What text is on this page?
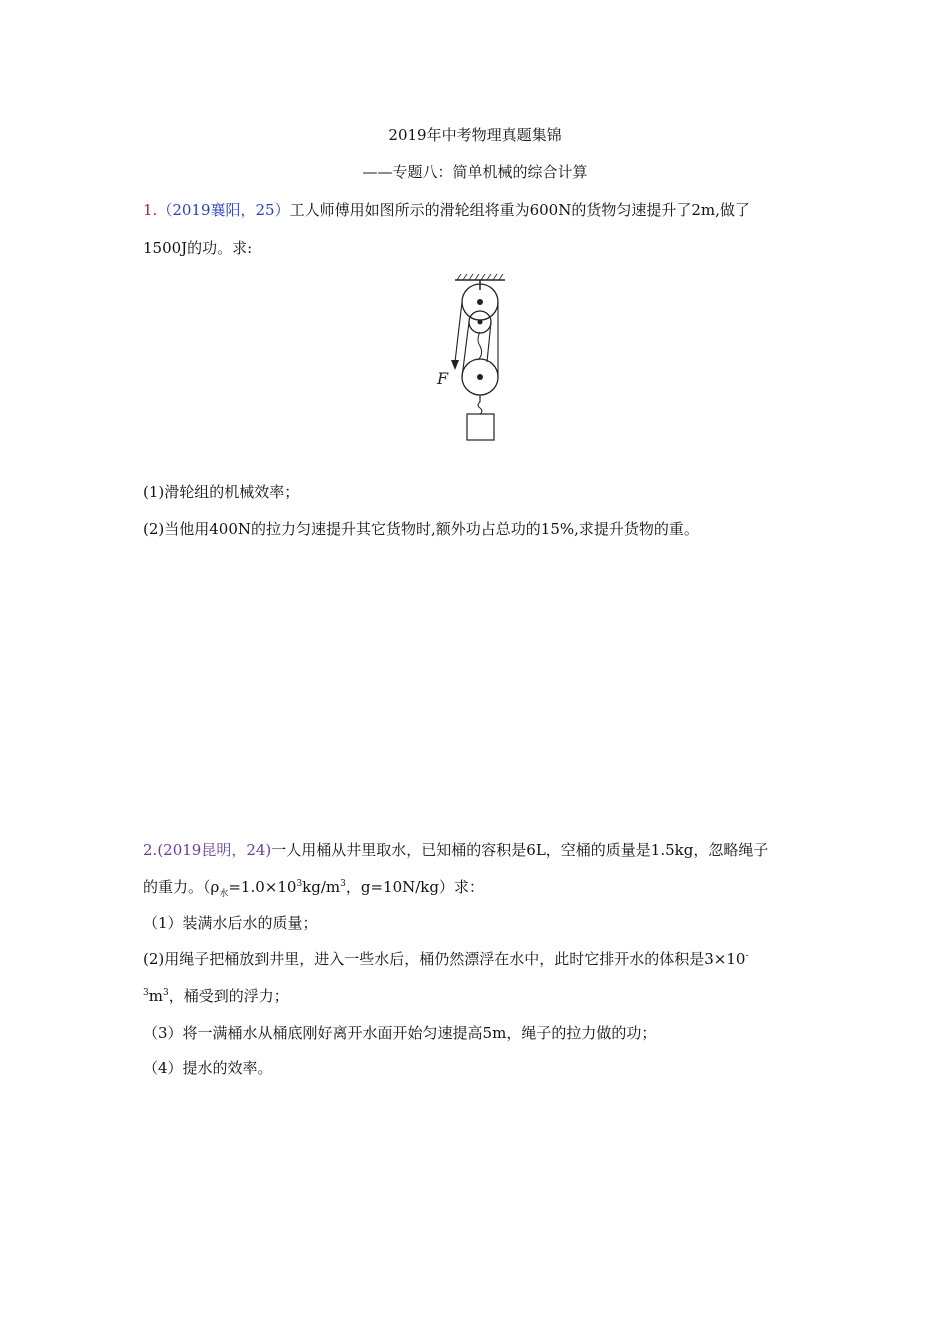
2019年中考物理真题集锦
——专题八：简单机械的综合计算
1.（2019襄阳，25）工人师傅用如图所示的滑轮组将重为600N的货物匀速提升了2m,做了
1500J的功。求:
F
(1)滑轮组的机械效率；
(2)当他用400N的拉力匀速提升其它货物时,额外功占总功的15%,求提升货物的重。
2.(2019昆明，24)一人用桶从井里取水，已知桶的容积是6L，空桶的质量是1.5kg，忽略绳子
的重力。（$\rho_水=1.0\times 10^3kg/m^3$，g=10N/kg）求：
（1）装满水后水的质量；
(2)用绳子把桶放到井里，进入一些水后，桶仍然漂浮在水中，此时它排开水的体积是3×10-
$^3m^3$，桶受到的浮力；
（3）将一满桶水从桶底刚好离开水面开始匀速提高5m，绳子的拉力做的功；
（4）提水的效率。
